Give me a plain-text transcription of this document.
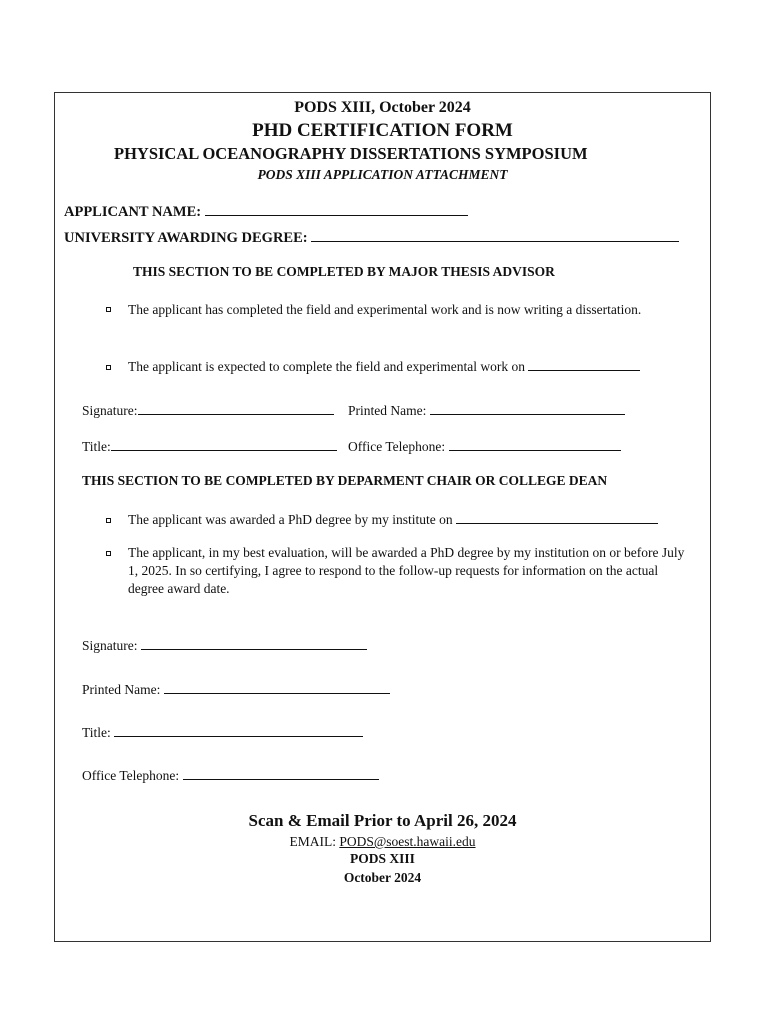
PODS XIII, October 2024
PHD CERTIFICATION FORM
PHYSICAL OCEANOGRAPHY DISSERTATIONS SYMPOSIUM
PODS XIII APPLICATION ATTACHMENT
APPLICANT NAME:
UNIVERSITY AWARDING DEGREE:
THIS SECTION TO BE COMPLETED BY MAJOR THESIS ADVISOR
The applicant has completed the field and experimental work and is now writing a dissertation.
The applicant is expected to complete the field and experimental work on
Signature:	Printed Name:
Title:	Office Telephone:
THIS SECTION TO BE COMPLETED BY DEPARMENT CHAIR OR COLLEGE DEAN
The applicant was awarded a PhD degree by my institute on
The applicant, in my best evaluation, will be awarded a PhD degree by my institution on or before July 1, 2025. In so certifying, I agree to respond to the follow-up requests for information on the actual degree award date.
Signature:
Printed Name:
Title:
Office Telephone:
Scan & Email Prior to April 26, 2024
EMAIL: PODS@soest.hawaii.edu
PODS XIII
October 2024
